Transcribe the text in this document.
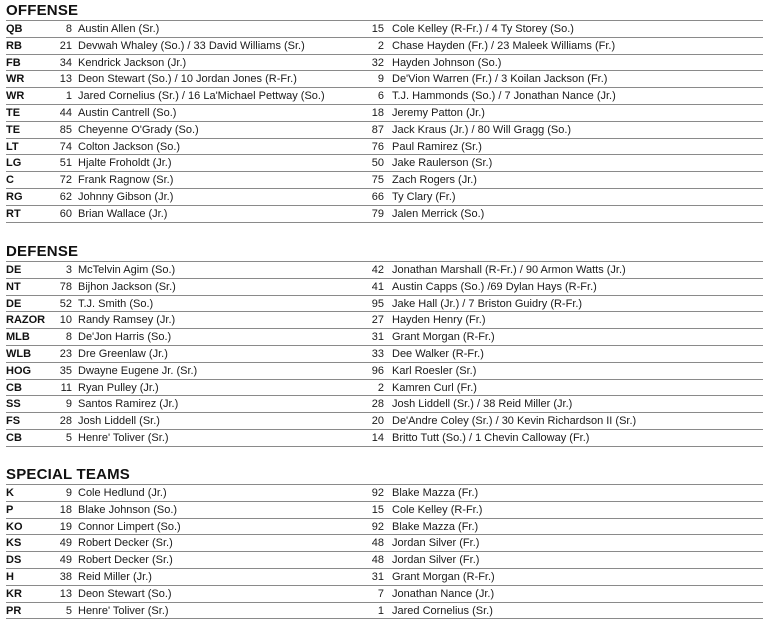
OFFENSE
QB	8 Austin Allen (Sr.)	15 Cole Kelley (R-Fr.) / 4 Ty Storey (So.)
RB	21 Devwah Whaley (So.) / 33 David Williams (Sr.)	2 Chase Hayden (Fr.) / 23 Maleek Williams (Fr.)
FB	34 Kendrick Jackson (Jr.)	32 Hayden Johnson (So.)
WR	13 Deon Stewart (So.) / 10 Jordan Jones (R-Fr.)	9 De'Vion Warren (Fr.) / 3 Koilan Jackson (Fr.)
WR	1 Jared Cornelius (Sr.) / 16 La'Michael Pettway (So.)	6 T.J. Hammonds (So.) / 7 Jonathan Nance (Jr.)
TE	44 Austin Cantrell (So.)	18 Jeremy Patton (Jr.)
TE	85 Cheyenne O'Grady (So.)	87 Jack Kraus (Jr.) / 80 Will Gragg (So.)
LT	74 Colton Jackson (So.)	76 Paul Ramirez (Sr.)
LG	51 Hjalte Froholdt (Jr.)	50 Jake Raulerson (Sr.)
C	72 Frank Ragnow (Sr.)	75 Zach Rogers (Jr.)
RG	62 Johnny Gibson (Jr.)	66 Ty Clary (Fr.)
RT	60 Brian Wallace (Jr.)	79 Jalen Merrick (So.)
DEFENSE
DE	3 McTelvin Agim (So.)	42 Jonathan Marshall (R-Fr.) / 90 Armon Watts (Jr.)
NT	78 Bijhon Jackson (Sr.)	41 Austin Capps (So.) /69 Dylan Hays (R-Fr.)
DE	52 T.J. Smith (So.)	95 Jake Hall (Jr.) / 7 Briston Guidry (R-Fr.)
RAZOR	10 Randy Ramsey (Jr.)	27 Hayden Henry (Fr.)
MLB	8 De'Jon Harris (So.)	31 Grant Morgan (R-Fr.)
WLB	23 Dre Greenlaw (Jr.)	33 Dee Walker (R-Fr.)
HOG	35 Dwayne Eugene Jr. (Sr.)	96 Karl Roesler (Sr.)
CB	11 Ryan Pulley (Jr.)	2 Kamren Curl (Fr.)
SS	9 Santos Ramirez (Jr.)	28 Josh Liddell (Sr.) / 38 Reid Miller (Jr.)
FS	28 Josh Liddell (Sr.)	20 De'Andre Coley (Sr.) / 30 Kevin Richardson II (Sr.)
CB	5 Henre' Toliver (Sr.)	14 Britto Tutt (So.) / 1 Chevin Calloway (Fr.)
SPECIAL TEAMS
K	9 Cole Hedlund (Jr.)	92 Blake Mazza (Fr.)
P	18 Blake Johnson (So.)	15 Cole Kelley (R-Fr.)
KO	19 Connor Limpert (So.)	92 Blake Mazza (Fr.)
KS	49 Robert Decker (Sr.)	48 Jordan Silver (Fr.)
DS	49 Robert Decker (Sr.)	48 Jordan Silver (Fr.)
H	38 Reid Miller (Jr.)	31 Grant Morgan (R-Fr.)
KR	13 Deon Stewart (So.)	7 Jonathan Nance (Jr.)
PR	5 Henre' Toliver (Sr.)	1 Jared Cornelius (Sr.)
